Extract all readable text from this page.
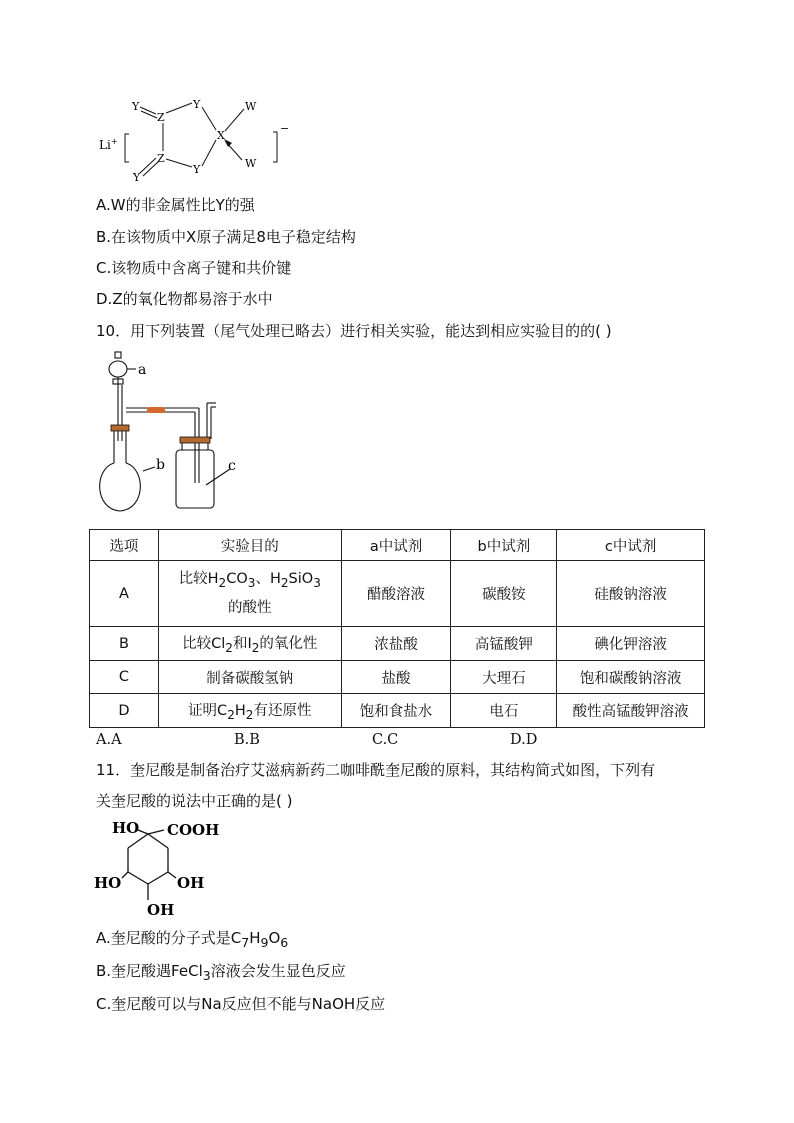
Li+
−
Y
Z
Y
X
W
Z
Y
Y
W
A.W的非金属性比Y的强
B.在该物质中X原子满足8电子稳定结构
C.该物质中含离子键和共价键
D.Z的氧化物都易溶于水中
10．用下列装置（尾气处理已略去）进行相关实验，能达到相应实验目的的( )
a
b	c
选项	实验目的	a中试剂	b中试剂	c中试剂
A	比较$H_2CO_3$、$H_2SiO_3$
的酸性	醋酸溶液	碳酸铵	硅酸钠溶液
B	比较$Cl_2$和$I_2$的氧化性	浓盐酸	高锰酸钾	碘化钾溶液
C	制备碳酸氢钠	盐酸	大理石	饱和碳酸钠溶液
D	证明$C_2H_2$有还原性	饱和食盐水	电石	酸性高锰酸钾溶液
A.A	B.B	C.C	D.D
11．奎尼酸是制备治疗艾滋病新药二咖啡酰奎尼酸的原料，其结构简式如图，下列有
关奎尼酸的说法中正确的是( )
HO COOH
HO	OH
OH
A.奎尼酸的分子式是$C_7H_9O_6$
B.奎尼酸遇FeCl$_3$溶液会发生显色反应
C.奎尼酸可以与Na反应但不能与NaOH反应
